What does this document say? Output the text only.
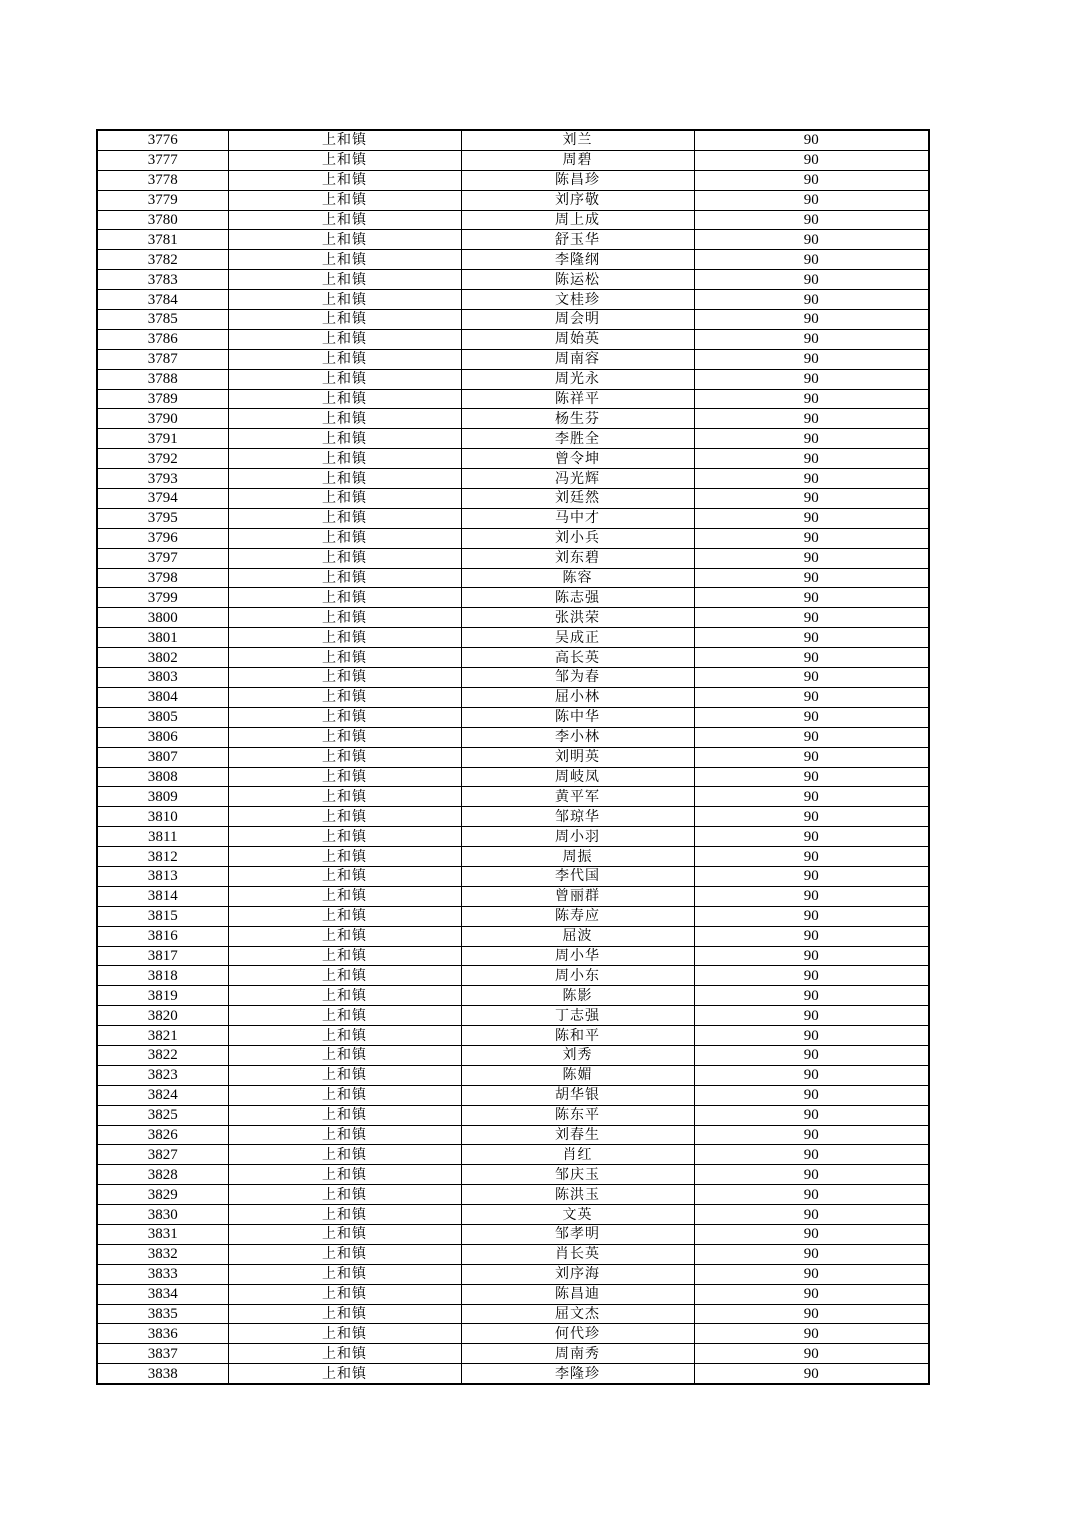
3776	上和镇	刘兰	90
3777	上和镇	周碧	90
3778	上和镇	陈昌珍	90
3779	上和镇	刘序敬	90
3780	上和镇	周上成	90
3781	上和镇	舒玉华	90
3782	上和镇	李隆纲	90
3783	上和镇	陈运松	90
3784	上和镇	文桂珍	90
3785	上和镇	周会明	90
3786	上和镇	周始英	90
3787	上和镇	周南容	90
3788	上和镇	周光永	90
3789	上和镇	陈祥平	90
3790	上和镇	杨生芬	90
3791	上和镇	李胜全	90
3792	上和镇	曾令坤	90
3793	上和镇	冯光辉	90
3794	上和镇	刘廷然	90
3795	上和镇	马中才	90
3796	上和镇	刘小兵	90
3797	上和镇	刘东碧	90
3798	上和镇	陈容	90
3799	上和镇	陈志强	90
3800	上和镇	张洪荣	90
3801	上和镇	吴成正	90
3802	上和镇	高长英	90
3803	上和镇	邹为春	90
3804	上和镇	屈小林	90
3805	上和镇	陈中华	90
3806	上和镇	李小林	90
3807	上和镇	刘明英	90
3808	上和镇	周岐凤	90
3809	上和镇	黄平军	90
3810	上和镇	邹琼华	90
3811	上和镇	周小羽	90
3812	上和镇	周振	90
3813	上和镇	李代国	90
3814	上和镇	曾丽群	90
3815	上和镇	陈寿应	90
3816	上和镇	屈波	90
3817	上和镇	周小华	90
3818	上和镇	周小东	90
3819	上和镇	陈影	90
3820	上和镇	丁志强	90
3821	上和镇	陈和平	90
3822	上和镇	刘秀	90
3823	上和镇	陈媚	90
3824	上和镇	胡华银	90
3825	上和镇	陈东平	90
3826	上和镇	刘春生	90
3827	上和镇	肖红	90
3828	上和镇	邹庆玉	90
3829	上和镇	陈洪玉	90
3830	上和镇	文英	90
3831	上和镇	邹孝明	90
3832	上和镇	肖长英	90
3833	上和镇	刘序海	90
3834	上和镇	陈昌迪	90
3835	上和镇	屈文杰	90
3836	上和镇	何代珍	90
3837	上和镇	周南秀	90
3838	上和镇	李隆珍	90
